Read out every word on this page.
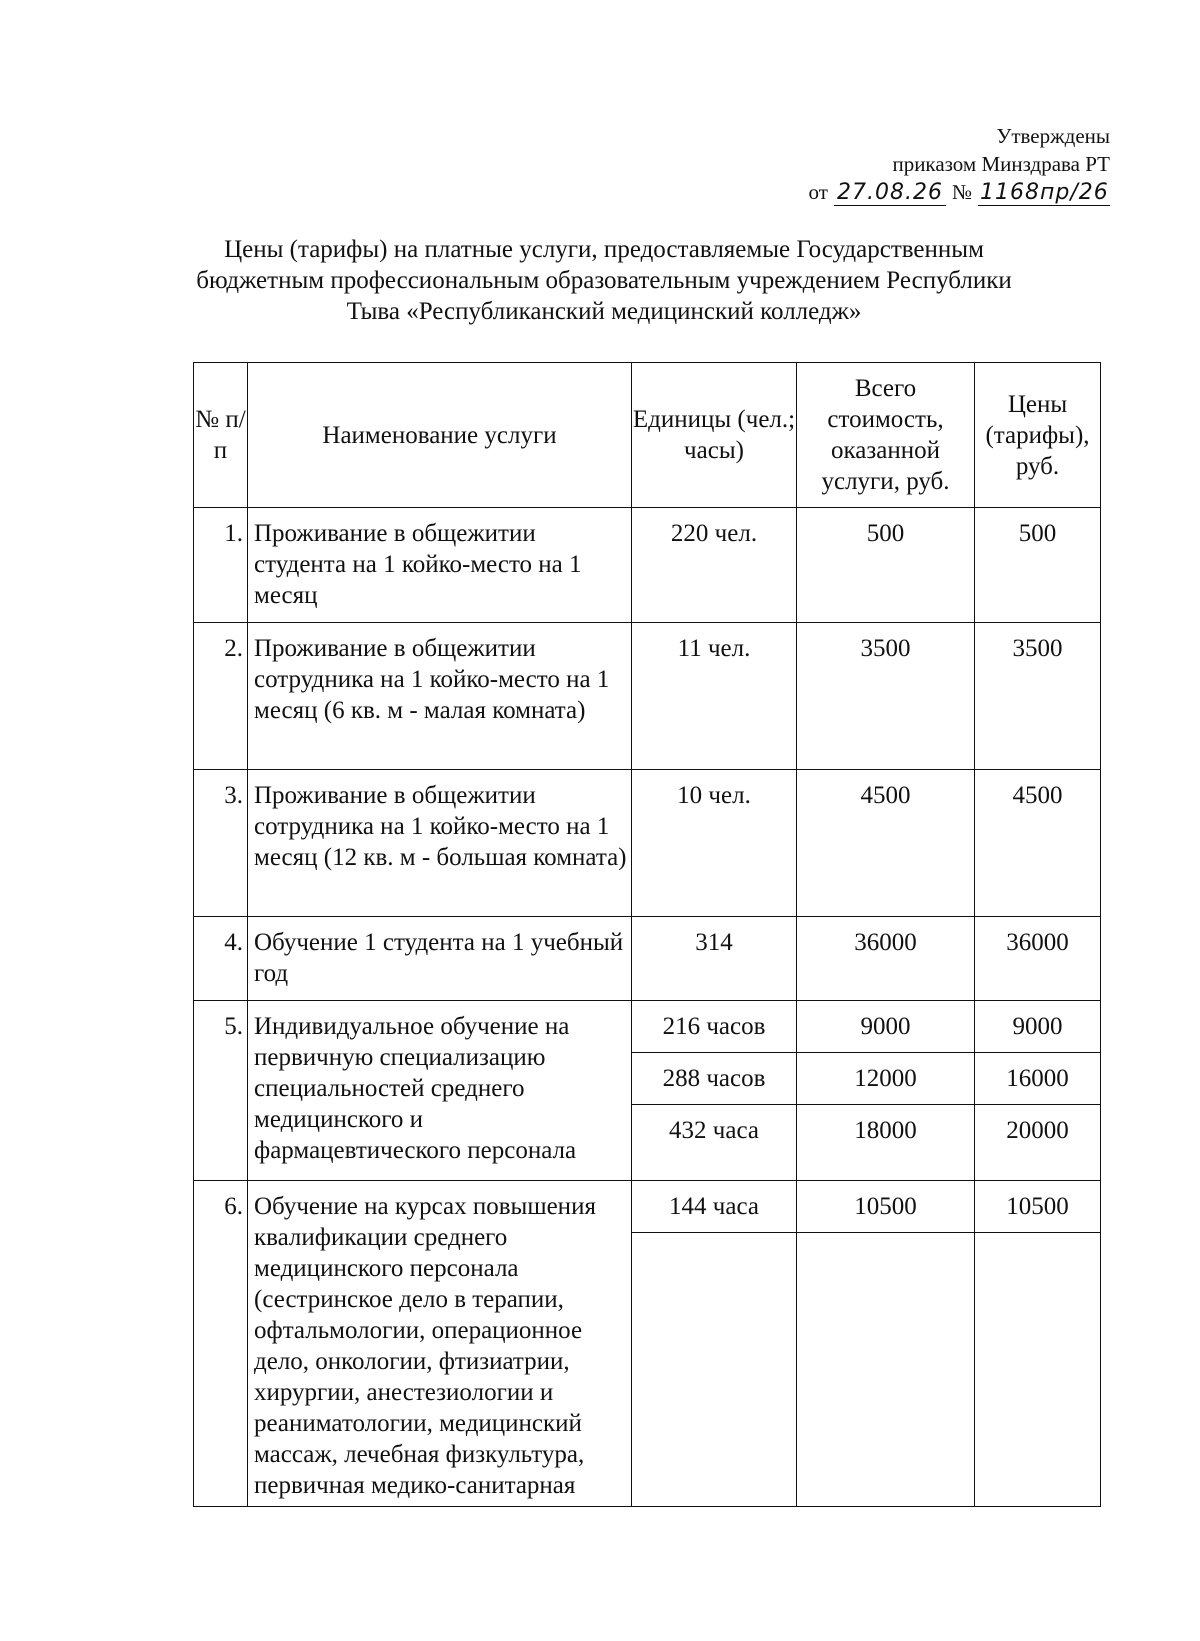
Утверждены
приказом Минздрава РТ
от 27.08.26 № 1168пр/26
Цены (тарифы) на платные услуги, предоставляемые Государственным бюджетным профессиональным образовательным учреждением Республики Тыва «Республиканский медицинский колледж»
№ п/п	Наименование услуги	Единицы (чел.; часы)	Всего стоимость, оказанной услуги, руб.	Цены (тарифы), руб.
1.	Проживание в общежитии студента на 1 койко-место на 1 месяц	220 чел.	500	500
2.	Проживание в общежитии сотрудника на 1 койко-место на 1 месяц (6 кв. м - малая комната)	11 чел.	3500	3500
3.	Проживание в общежитии сотрудника на 1 койко-место на 1 месяц (12 кв. м - большая комната)	10 чел.	4500	4500
4.	Обучение 1 студента на 1 учебный год	314	36000	36000
5.	Индивидуальное обучение на первичную специализацию специальностей среднего медицинского и фармацевтического персонала	216 часов	9000	9000
		288 часов	12000	16000
		432 часа	18000	20000
6.	Обучение на курсах повышения квалификации среднего медицинского персонала (сестринское дело в терапии, офтальмологии, операционное дело, онкологии, фтизиатрии, хирургии, анестезиологии и реаниматологии, медицинский массаж, лечебная физкультура, первичная медико-санитарная	144 часа	10500	10500
